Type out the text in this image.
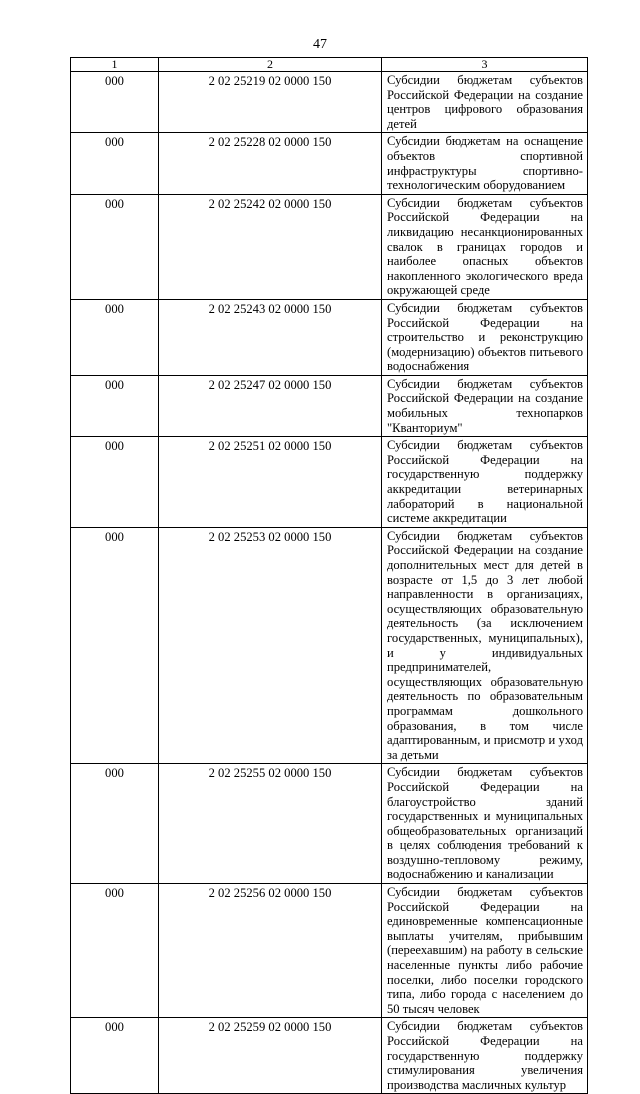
47
1	2	3
000	2 02 25219 02 0000 150	Субсидии бюджетам субъектов Российской Федерации на создание центров цифрового образования детей
000	2 02 25228 02 0000 150	Субсидии бюджетам на оснащение объектов спортивной инфраструктуры спортивно-технологическим оборудованием
000	2 02 25242 02 0000 150	Субсидии бюджетам субъектов Российской Федерации на ликвидацию несанкционированных свалок в границах городов и наиболее опасных объектов накопленного экологического вреда окружающей среде
000	2 02 25243 02 0000 150	Субсидии бюджетам субъектов Российской Федерации на строительство и реконструкцию (модернизацию) объектов питьевого водоснабжения
000	2 02 25247 02 0000 150	Субсидии бюджетам субъектов Российской Федерации на создание мобильных технопарков "Кванториум"
000	2 02 25251 02 0000 150	Субсидии бюджетам субъектов Российской Федерации на государственную поддержку аккредитации ветеринарных лабораторий в национальной системе аккредитации
000	2 02 25253 02 0000 150	Субсидии бюджетам субъектов Российской Федерации на создание дополнительных мест для детей в возрасте от 1,5 до 3 лет любой направленности в организациях, осуществляющих образовательную деятельность (за исключением государственных, муниципальных), и у индивидуальных предпринимателей, осуществляющих образовательную деятельность по образовательным программам дошкольного образования, в том числе адаптированным, и присмотр и уход за детьми
000	2 02 25255 02 0000 150	Субсидии бюджетам субъектов Российской Федерации на благоустройство зданий государственных и муниципальных общеобразовательных организаций в целях соблюдения требований к воздушно-тепловому режиму, водоснабжению и канализации
000	2 02 25256 02 0000 150	Субсидии бюджетам субъектов Российской Федерации на единовременные компенсационные выплаты учителям, прибывшим (переехавшим) на работу в сельские населенные пункты либо рабочие поселки, либо поселки городского типа, либо города с населением до 50 тысяч человек
000	2 02 25259 02 0000 150	Субсидии бюджетам субъектов Российской Федерации на государственную поддержку стимулирования увеличения производства масличных культур
